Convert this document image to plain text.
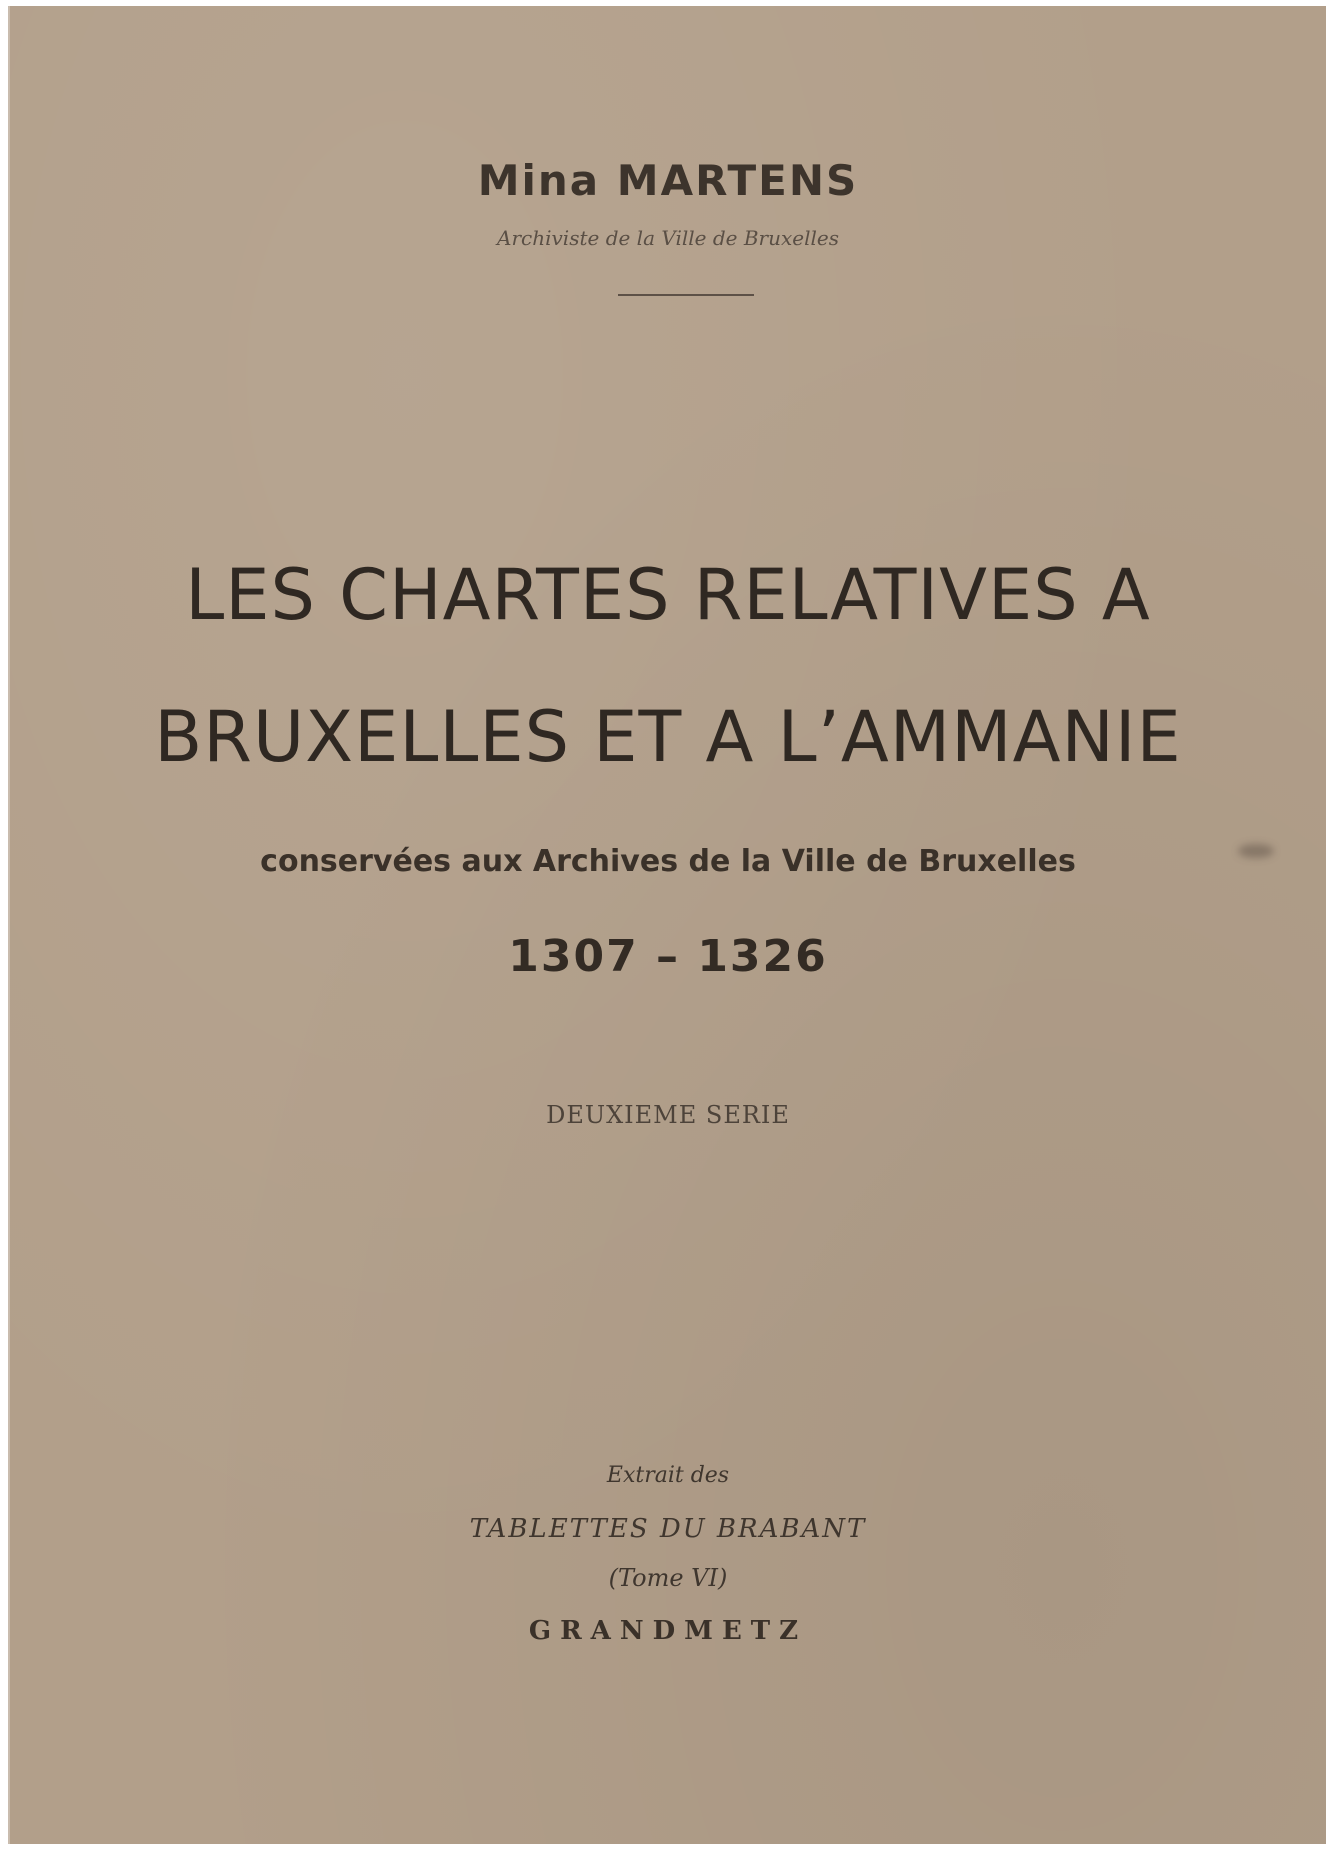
Mina MARTENS
Archiviste de la Ville de Bruxelles
LES CHARTES RELATIVES A
BRUXELLES ET A L’AMMANIE
conservées aux Archives de la Ville de Bruxelles
1307 – 1326
DEUXIEME SERIE
Extrait des
TABLETTES DU BRABANT
(Tome VI)
GRANDMETZ
